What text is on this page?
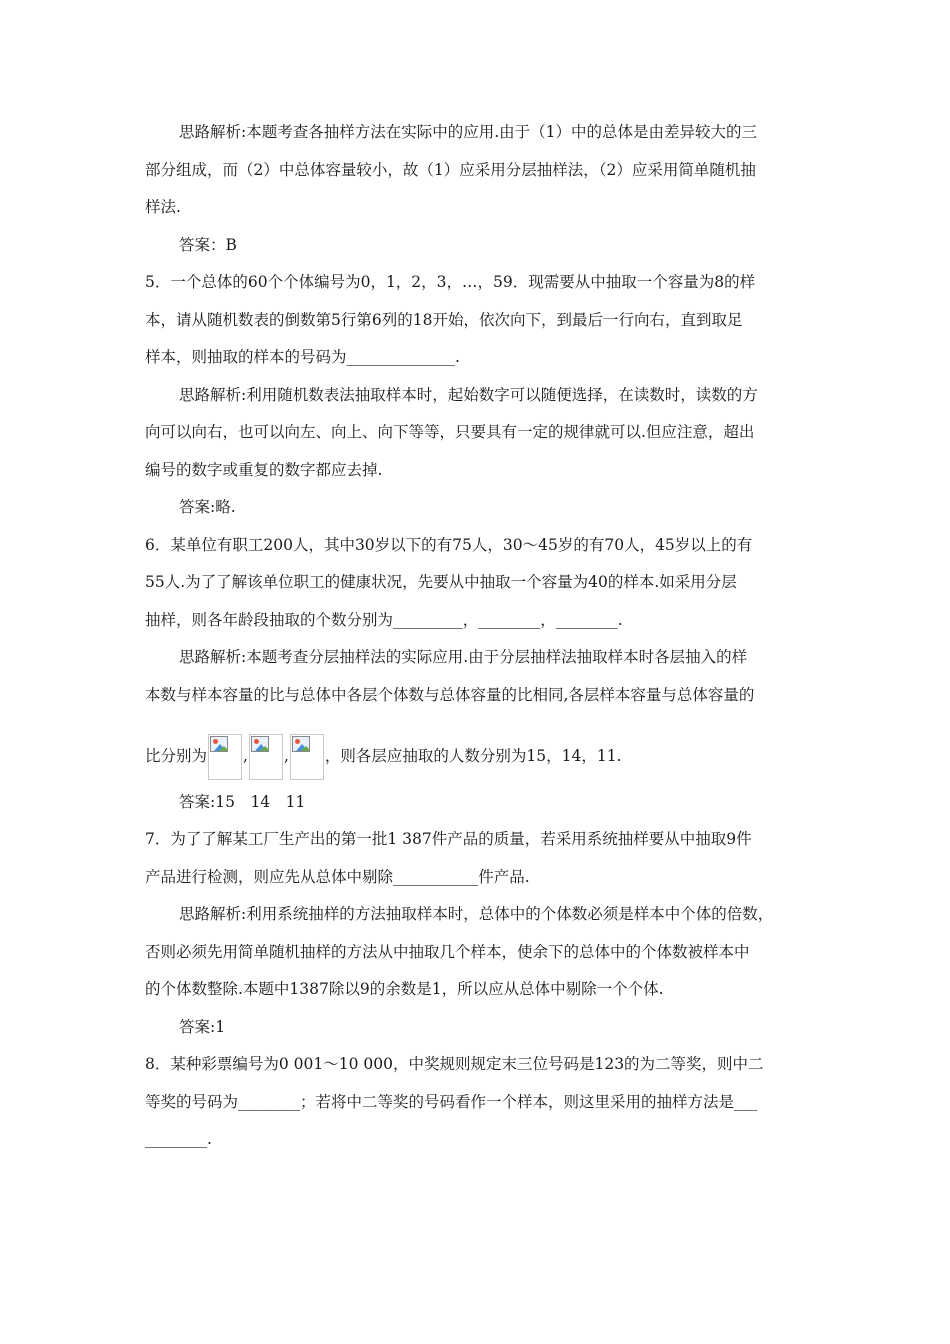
思路解析:本题考查各抽样方法在实际中的应用.由于（1）中的总体是由差异较大的三
部分组成，而（2）中总体容量较小，故（1）应采用分层抽样法，（2）应采用简单随机抽
样法.
答案：B
5．一个总体的60个个体编号为0，1，2，3，…，59．现需要从中抽取一个容量为8的样
本，请从随机数表的倒数第5行第6列的18开始，依次向下，到最后一行向右，直到取足
样本，则抽取的样本的号码为______________.
思路解析:利用随机数表法抽取样本时，起始数字可以随便选择，在读数时，读数的方
向可以向右，也可以向左、向上、向下等等，只要具有一定的规律就可以.但应注意，超出
编号的数字或重复的数字都应去掉.
答案:略.
6．某单位有职工200人，其中30岁以下的有75人，30～45岁的有70人，45岁以上的有
55人.为了了解该单位职工的健康状况，先要从中抽取一个容量为40的样本.如采用分层
抽样，则各年龄段抽取的个数分别为_________，________，________.
思路解析:本题考查分层抽样法的实际应用.由于分层抽样法抽取样本时各层抽入的样
本数与样本容量的比与总体中各层个体数与总体容量的比相同,各层样本容量与总体容量的
比分别为 , , ，则各层应抽取的人数分别为15，14，11.
答案:15　14　11
7．为了了解某工厂生产出的第一批1 387件产品的质量，若采用系统抽样要从中抽取9件
产品进行检测，则应先从总体中剔除___________件产品.
思路解析:利用系统抽样的方法抽取样本时，总体中的个体数必须是样本中个体的倍数，
否则必须先用简单随机抽样的方法从中抽取几个样本，使余下的总体中的个体数被样本中
的个体数整除.本题中1387除以9的余数是1，所以应从总体中剔除一个个体.
答案:1
8．某种彩票编号为0 001～10 000，中奖规则规定末三位号码是123的为二等奖，则中二
等奖的号码为________；若将中二等奖的号码看作一个样本，则这里采用的抽样方法是___
________.
